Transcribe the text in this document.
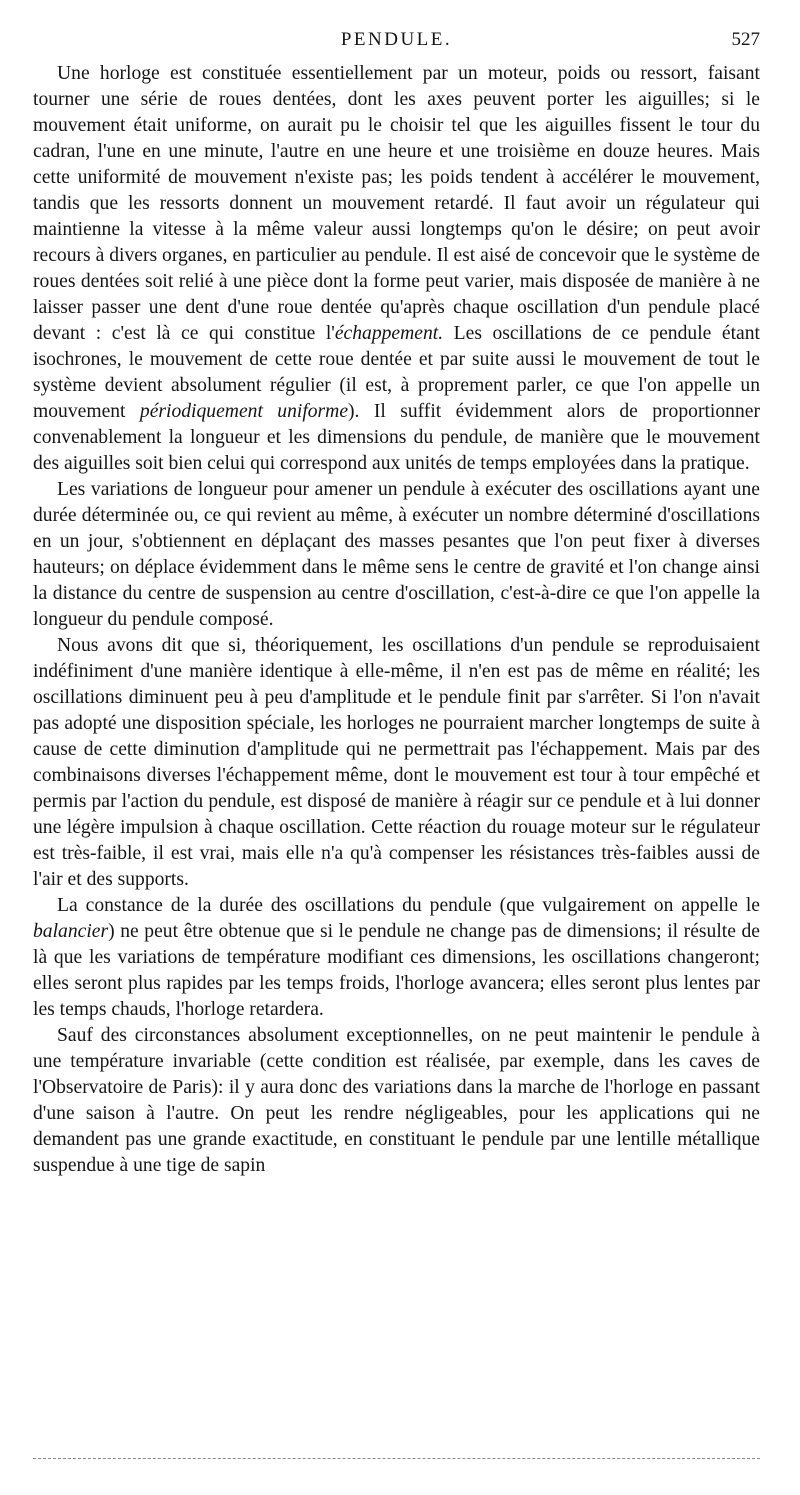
PENDULE.	527

Une horloge est constituée essentiellement par un moteur, poids ou ressort, faisant tourner une série de roues dentées, dont les axes peuvent porter les aiguilles; si le mouvement était uniforme, on aurait pu le choisir tel que les aiguilles fissent le tour du cadran, l'une en une minute, l'autre en une heure et une troisième en douze heures. Mais cette uniformité de mouvement n'existe pas; les poids tendent à accélérer le mouvement, tandis que les ressorts donnent un mouvement retardé. Il faut avoir un régulateur qui maintienne la vitesse à la même valeur aussi longtemps qu'on le désire; on peut avoir recours à divers organes, en particulier au pendule. Il est aisé de concevoir que le système de roues dentées soit relié à une pièce dont la forme peut varier, mais disposée de manière à ne laisser passer une dent d'une roue dentée qu'après chaque oscillation d'un pendule placé devant : c'est là ce qui constitue l'échappement. Les oscillations de ce pendule étant isochrones, le mouvement de cette roue dentée et par suite aussi le mouvement de tout le système devient absolument régulier (il est, à proprement parler, ce que l'on appelle un mouvement périodiquement uniforme). Il suffit évidemment alors de proportionner convenablement la longueur et les dimensions du pendule, de manière que le mouvement des aiguilles soit bien celui qui correspond aux unités de temps employées dans la pratique.

Les variations de longueur pour amener un pendule à exécuter des oscillations ayant une durée déterminée ou, ce qui revient au même, à exécuter un nombre déterminé d'oscillations en un jour, s'obtiennent en déplaçant des masses pesantes que l'on peut fixer à diverses hauteurs; on déplace évidemment dans le même sens le centre de gravité et l'on change ainsi la distance du centre de suspension au centre d'oscillation, c'est-à-dire ce que l'on appelle la longueur du pendule composé.

Nous avons dit que si, théoriquement, les oscillations d'un pendule se reproduisaient indéfiniment d'une manière identique à elle-même, il n'en est pas de même en réalité; les oscillations diminuent peu à peu d'amplitude et le pendule finit par s'arrêter. Si l'on n'avait pas adopté une disposition spéciale, les horloges ne pourraient marcher longtemps de suite à cause de cette diminution d'amplitude qui ne permettrait pas l'échappement. Mais par des combinaisons diverses l'échappement même, dont le mouvement est tour à tour empêché et permis par l'action du pendule, est disposé de manière à réagir sur ce pendule et à lui donner une légère impulsion à chaque oscillation. Cette réaction du rouage moteur sur le régulateur est très-faible, il est vrai, mais elle n'a qu'à compenser les résistances très-faibles aussi de l'air et des supports.

La constance de la durée des oscillations du pendule (que vulgairement on appelle le balancier) ne peut être obtenue que si le pendule ne change pas de dimensions; il résulte de là que les variations de température modifiant ces dimensions, les oscillations changeront; elles seront plus rapides par les temps froids, l'horloge avancera; elles seront plus lentes par les temps chauds, l'horloge retardera.

Sauf des circonstances absolument exceptionnelles, on ne peut maintenir le pendule à une température invariable (cette condition est réalisée, par exemple, dans les caves de l'Observatoire de Paris): il y aura donc des variations dans la marche de l'horloge en passant d'une saison à l'autre. On peut les rendre négligeables, pour les applications qui ne demandent pas une grande exactitude, en constituant le pendule par une lentille métallique suspendue à une tige de sapin
